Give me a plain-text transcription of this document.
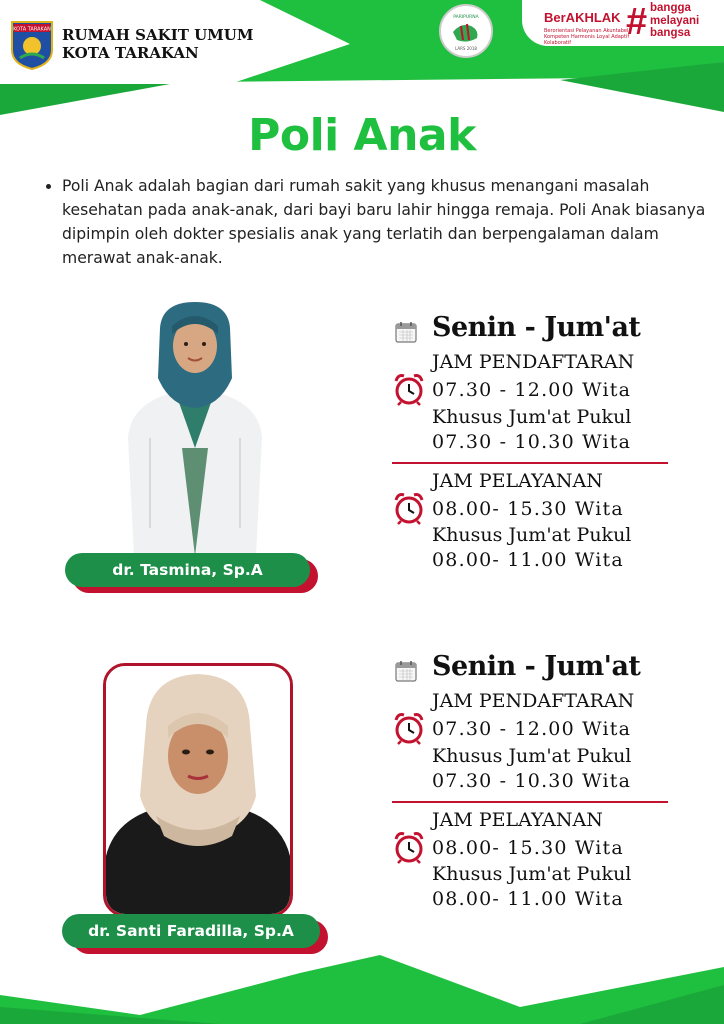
KOTA TARAKAN RUMAH SAKIT UMUM
KOTA TARAKAN
PARIPURNA
LARS 2018
BerAKHLAK
Berorientasi Pelayanan Akuntabel Kompeten Harmonis Loyal Adaptif Kolaboratif	# bangga
melayani
bangsa
Poli Anak
• Poli Anak adalah bagian dari rumah sakit yang khusus menangani masalah kesehatan pada anak-anak, dari bayi baru lahir hingga remaja. Poli Anak biasanya dipimpin oleh dokter spesialis anak yang terlatih dan berpengalaman dalam merawat anak-anak.
dr. Tasmina, Sp.A
Senin - Jum'at
JAM PENDAFTARAN
07.30 - 12.00 Wita
Khusus Jum'at Pukul
07.30 - 10.30 Wita
JAM PELAYANAN
08.00- 15.30 Wita
Khusus Jum'at Pukul
08.00- 11.00 Wita
dr. Santi Faradilla, Sp.A
Senin - Jum'at
JAM PENDAFTARAN
07.30 - 12.00 Wita
Khusus Jum'at Pukul
07.30 - 10.30 Wita
JAM PELAYANAN
08.00- 15.30 Wita
Khusus Jum'at Pukul
08.00- 11.00 Wita
